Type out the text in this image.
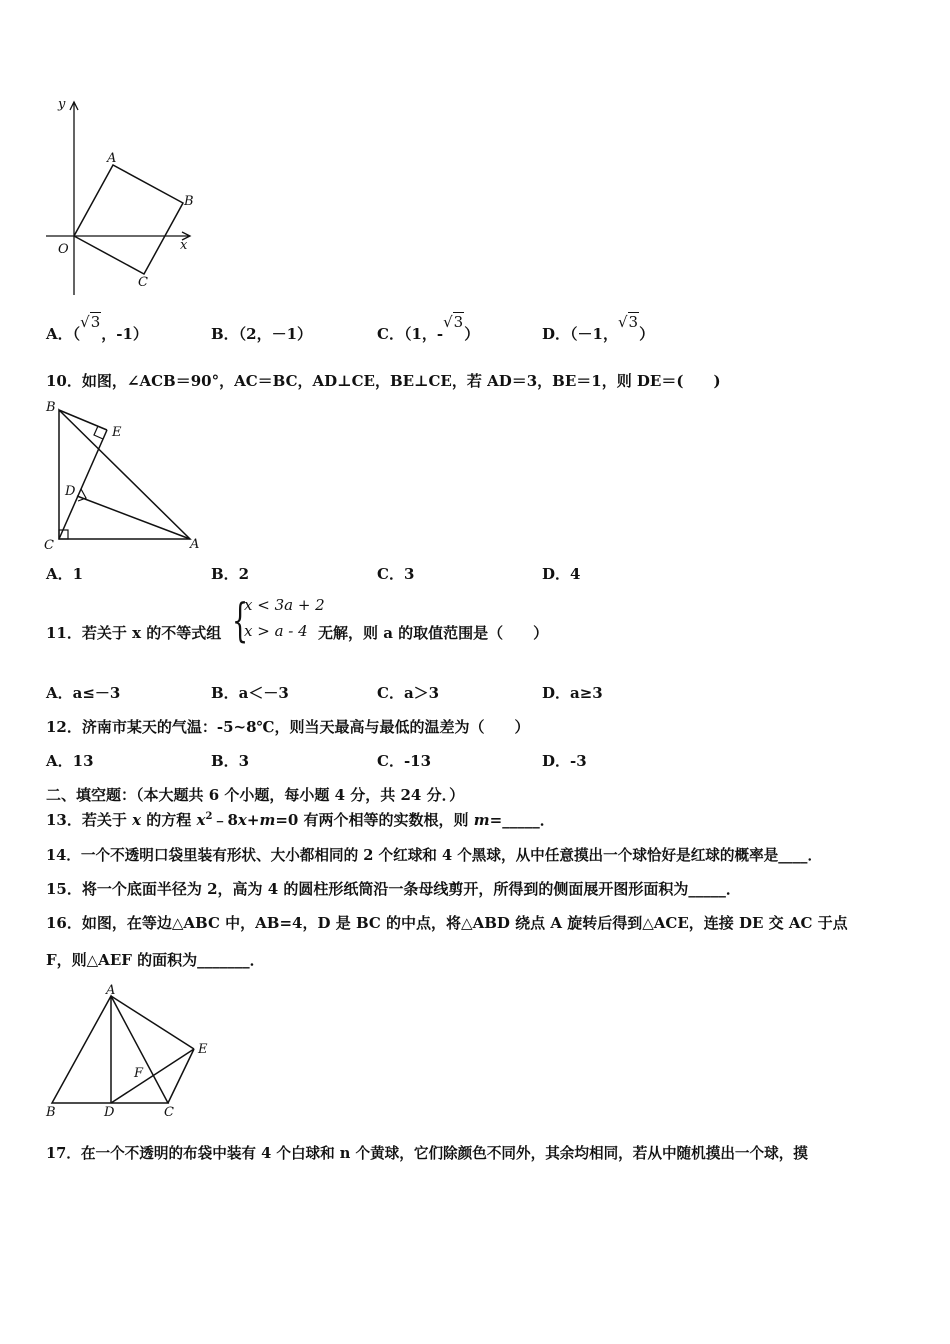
y
x
O
A
B
C
A．（√3，-1）	B．（2，－1）	C．（1，-√3）	D．（－1，√3）
10．如图，∠ACB＝90°，AC＝BC，AD⊥CE，BE⊥CE，若 AD＝3，BE＝1，则 DE＝(　　)
B
E
D
C	A
A．1	B．2	C．3	D．4
11．若关于 x 的不等式组 {
x < 3a + 2
x > a - 4 无解，则 a 的取值范围是（　　）
A．a≤－3	B．a＜－3	C．a＞3	D．a≥3
12．济南市某天的气温：-5~8℃，则当天最高与最低的温差为（　　）
A．13	B．3	C．-13	D．-3
二、填空题：（本大题共 6 个小题，每小题 4 分，共 24 分．）
13．若关于 x 的方程 $x^2﹣8x+m=0$ 有两个相等的实数根，则 m=_____．
14．一个不透明口袋里装有形状、大小都相同的 2 个红球和 4 个黑球，从中任意摸出一个球恰好是红球的概率是____．
15．将一个底面半径为 2，高为 4 的圆柱形纸筒沿一条母线剪开，所得到的侧面展开图形面积为_____．
16．如图，在等边△ABC 中，AB=4，D 是 BC 的中点，将△ABD 绕点 A 旋转后得到△ACE，连接 DE 交 AC 于点
F，则△AEF 的面积为_______．
A
E
F
B	D	C
17．在一个不透明的布袋中装有 4 个白球和 n 个黄球，它们除颜色不同外，其余均相同，若从中随机摸出一个球，摸
